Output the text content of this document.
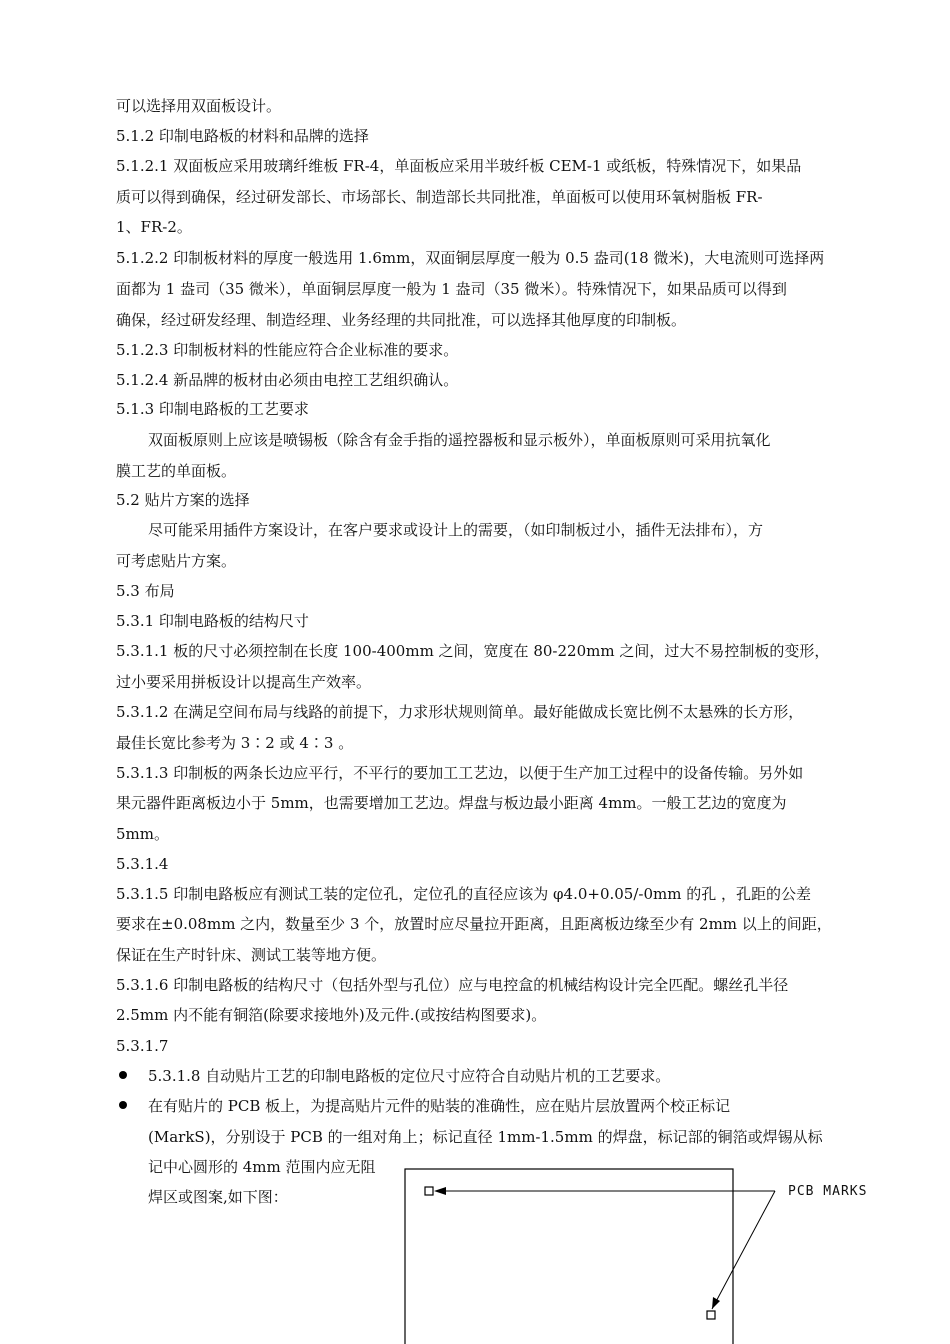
可以选择用双面板设计。
5.1.2 印制电路板的材料和品牌的选择
5.1.2.1 双面板应采用玻璃纤维板 FR-4，单面板应采用半玻纤板 CEM-1 或纸板，特殊情况下，如果品
质可以得到确保，经过研发部长、市场部长、制造部长共同批准，单面板可以使用环氧树脂板 FR-
1、FR-2。
5.1.2.2 印制板材料的厚度一般选用 1.6mm，双面铜层厚度一般为 0.5 盎司(18 微米)，大电流则可选择两
面都为 1 盎司（35 微米），单面铜层厚度一般为 1 盎司（35 微米）。特殊情况下，如果品质可以得到
确保，经过研发经理、制造经理、业务经理的共同批准，可以选择其他厚度的印制板。
5.1.2.3 印制板材料的性能应符合企业标准的要求。
5.1.2.4 新品牌的板材由必须由电控工艺组织确认。
5.1.3 印制电路板的工艺要求
双面板原则上应该是喷锡板（除含有金手指的遥控器板和显示板外），单面板原则可采用抗氧化
膜工艺的单面板。
5.2 贴片方案的选择
尽可能采用插件方案设计，在客户要求或设计上的需要，（如印制板过小，插件无法排布），方
可考虑贴片方案。
5.3 布局
5.3.1 印制电路板的结构尺寸
5.3.1.1 板的尺寸必须控制在长度 100-400mm 之间，宽度在 80-220mm 之间，过大不易控制板的变形，
过小要采用拼板设计以提高生产效率。
5.3.1.2 在满足空间布局与线路的前提下，力求形状规则简单。最好能做成长宽比例不太悬殊的长方形，
最佳长宽比参考为 3∶2 或 4∶3 。
5.3.1.3 印制板的两条长边应平行，不平行的要加工工艺边，以便于生产加工过程中的设备传输。另外如
果元器件距离板边小于 5mm，也需要增加工艺边。焊盘与板边最小距离 4mm。一般工艺边的宽度为
5mm。
5.3.1.4
5.3.1.5 印制电路板应有测试工装的定位孔，定位孔的直径应该为 φ4.0+0.05/-0mm 的孔 ，孔距的公差
要求在±0.08mm 之内，数量至少 3 个，放置时应尽量拉开距离，且距离板边缘至少有 2mm 以上的间距，
保证在生产时针床、测试工装等地方便。
5.3.1.6 印制电路板的结构尺寸（包括外型与孔位）应与电控盒的机械结构设计完全匹配。螺丝孔半径
2.5mm 内不能有铜箔(除要求接地外)及元件.(或按结构图要求)。
5.3.1.7
5.3.1.8 自动贴片工艺的印制电路板的定位尺寸应符合自动贴片机的工艺要求。
在有贴片的 PCB 板上，为提高贴片元件的贴装的准确性，应在贴片层放置两个校正标记
(MarkS)，分别设于 PCB 的一组对角上；标记直径 1mm-1.5mm 的焊盘，标记部的铜箔或焊锡从标
记中心圆形的 4mm 范围内应无阻
焊区或图案,如下图：	PCB MARKS
